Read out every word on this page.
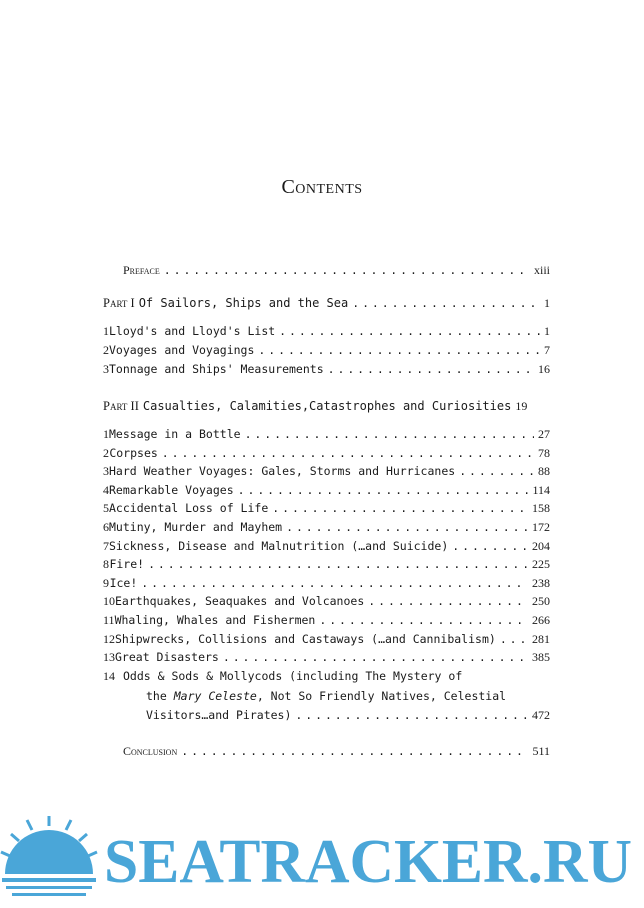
Contents
Preface . . .	xiii
Part I Of Sailors, Ships and the Sea . . .	1
1 Lloyd's and Lloyd's List . . .	1
2 Voyages and Voyagings . . .	7
3 Tonnage and Ships' Measurements . . .	16
Part II Casualties, Calamities,Catastrophes and Curiosities 19
1 Message in a Bottle . . .	27
2 Corpses . . .	78
3 Hard Weather Voyages: Gales, Storms and Hurricanes . . .	88
4 Remarkable Voyages . . .	114
5 Accidental Loss of Life . . .	158
6 Mutiny, Murder and Mayhem . . .	172
7 Sickness, Disease and Malnutrition (…and Suicide) . . .	204
8 Fire! . . .	225
9 Ice! . . .	238
10 Earthquakes, Seaquakes and Volcanoes . . .	250
11 Whaling, Whales and Fishermen . . .	266
12 Shipwrecks, Collisions and Castaways (…and Cannibalism) . . .	281
13 Great Disasters . . .	385
14 Odds & Sods & Mollycods (including The Mystery of
the
Mary Celeste , Not So Friendly Natives, Celestial
Visitors…and Pirates) . . .	472
Conclusion . . .	511
SEATRACKER.RU
